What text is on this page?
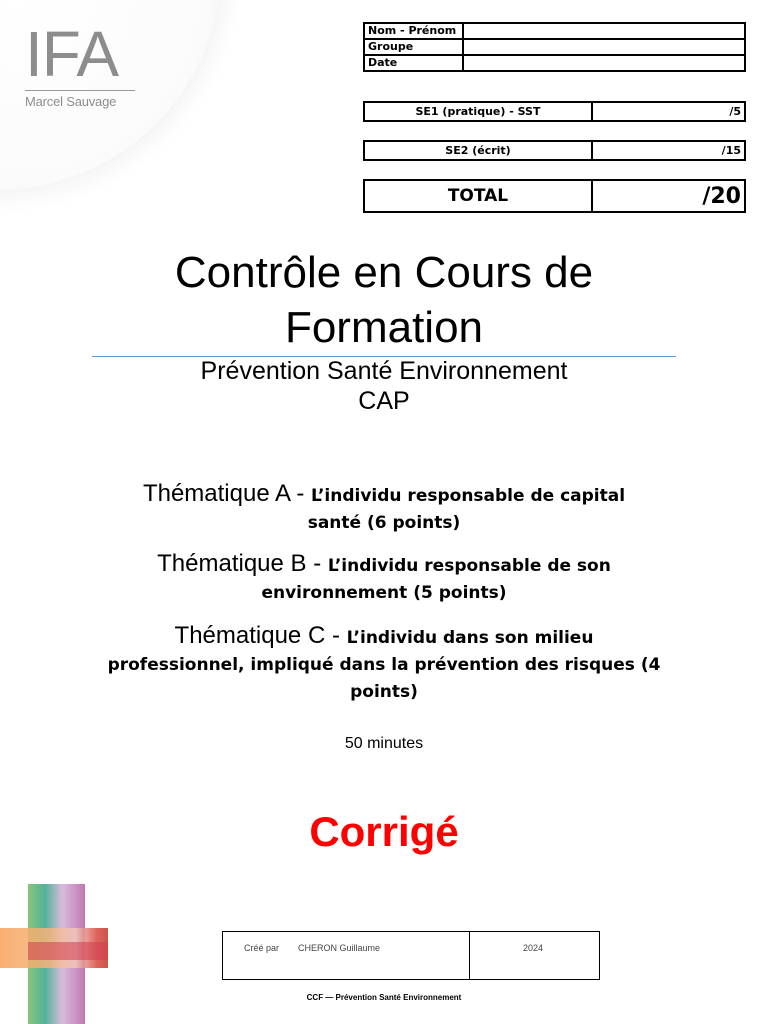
IFA
Marcel Sauvage
Nom - Prénom	
Groupe	
Date	
SE1 (pratique) - SST	/5
SE2 (écrit)	/15
TOTAL	/20
Contrôle en Cours de
Formation
Prévention Santé Environnement
CAP
Thématique A - L’individu responsable de capital
santé (6 points)
Thématique B - L’individu responsable de son
environnement (5 points)
Thématique C - L’individu dans son milieu
professionnel, impliqué dans la prévention des risques (4
points)
50 minutes
Corrigé
Créé par CHERON Guillaume	2024
CCF — Prévention Santé Environnement
